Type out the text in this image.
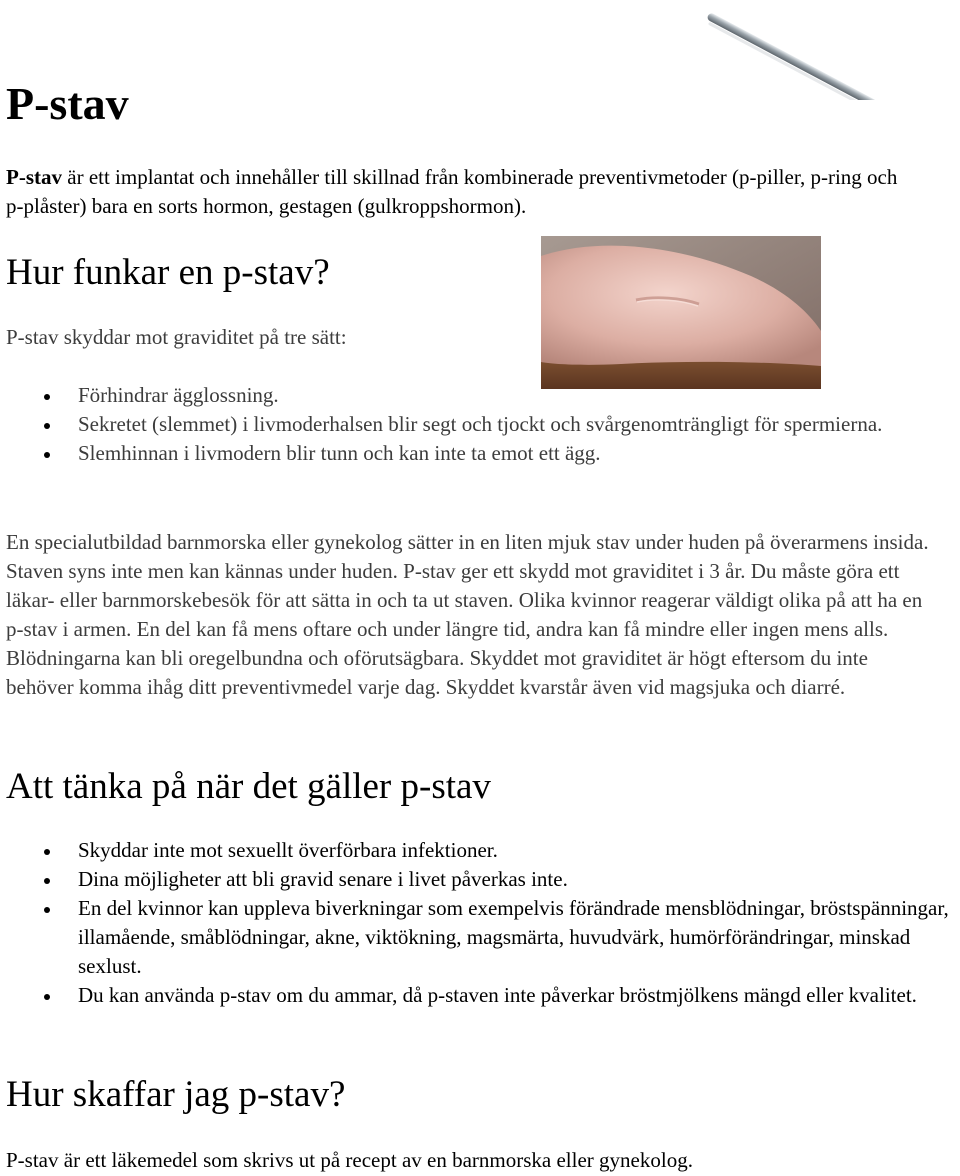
P-stav

P-stav är ett implantat och innehåller till skillnad från kombinerade preventivmetoder (p-piller, p-ring och p-plåster) bara en sorts hormon, gestagen (gulkroppshormon).

Hur funkar en p-stav?

P-stav skyddar mot graviditet på tre sätt:

Förhindrar ägglossning.
Sekretet (slemmet) i livmoderhalsen blir segt och tjockt och svårgenomträngligt för spermierna.
Slemhinnan i livmodern blir tunn och kan inte ta emot ett ägg.

En specialutbildad barnmorska eller gynekolog sätter in en liten mjuk stav under huden på överarmens insida. Staven syns inte men kan kännas under huden. P-stav ger ett skydd mot graviditet i 3 år. Du måste göra ett läkar- eller barnmorskebesök för att sätta in och ta ut staven. Olika kvinnor reagerar väldigt olika på att ha en p-stav i armen. En del kan få mens oftare och under längre tid, andra kan få mindre eller ingen mens alls. Blödningarna kan bli oregelbundna och oförutsägbara. Skyddet mot graviditet är högt eftersom du inte behöver komma ihåg ditt preventivmedel varje dag. Skyddet kvarstår även vid magsjuka och diarré.

Att tänka på när det gäller p-stav
Skyddar inte mot sexuellt överförbara infektioner.
Dina möjligheter att bli gravid senare i livet påverkas inte.
En del kvinnor kan uppleva biverkningar som exempelvis förändrade mensblödningar, bröstspänningar, illamående, småblödningar, akne, viktökning, magsmärta, huvudvärk, humörförändringar, minskad sexlust.
Du kan använda p-stav om du ammar, då p-staven inte påverkar bröstmjölkens mängd eller kvalitet.
Hur skaffar jag p-stav?

P-stav är ett läkemedel som skrivs ut på recept av en barnmorska eller gynekolog.
